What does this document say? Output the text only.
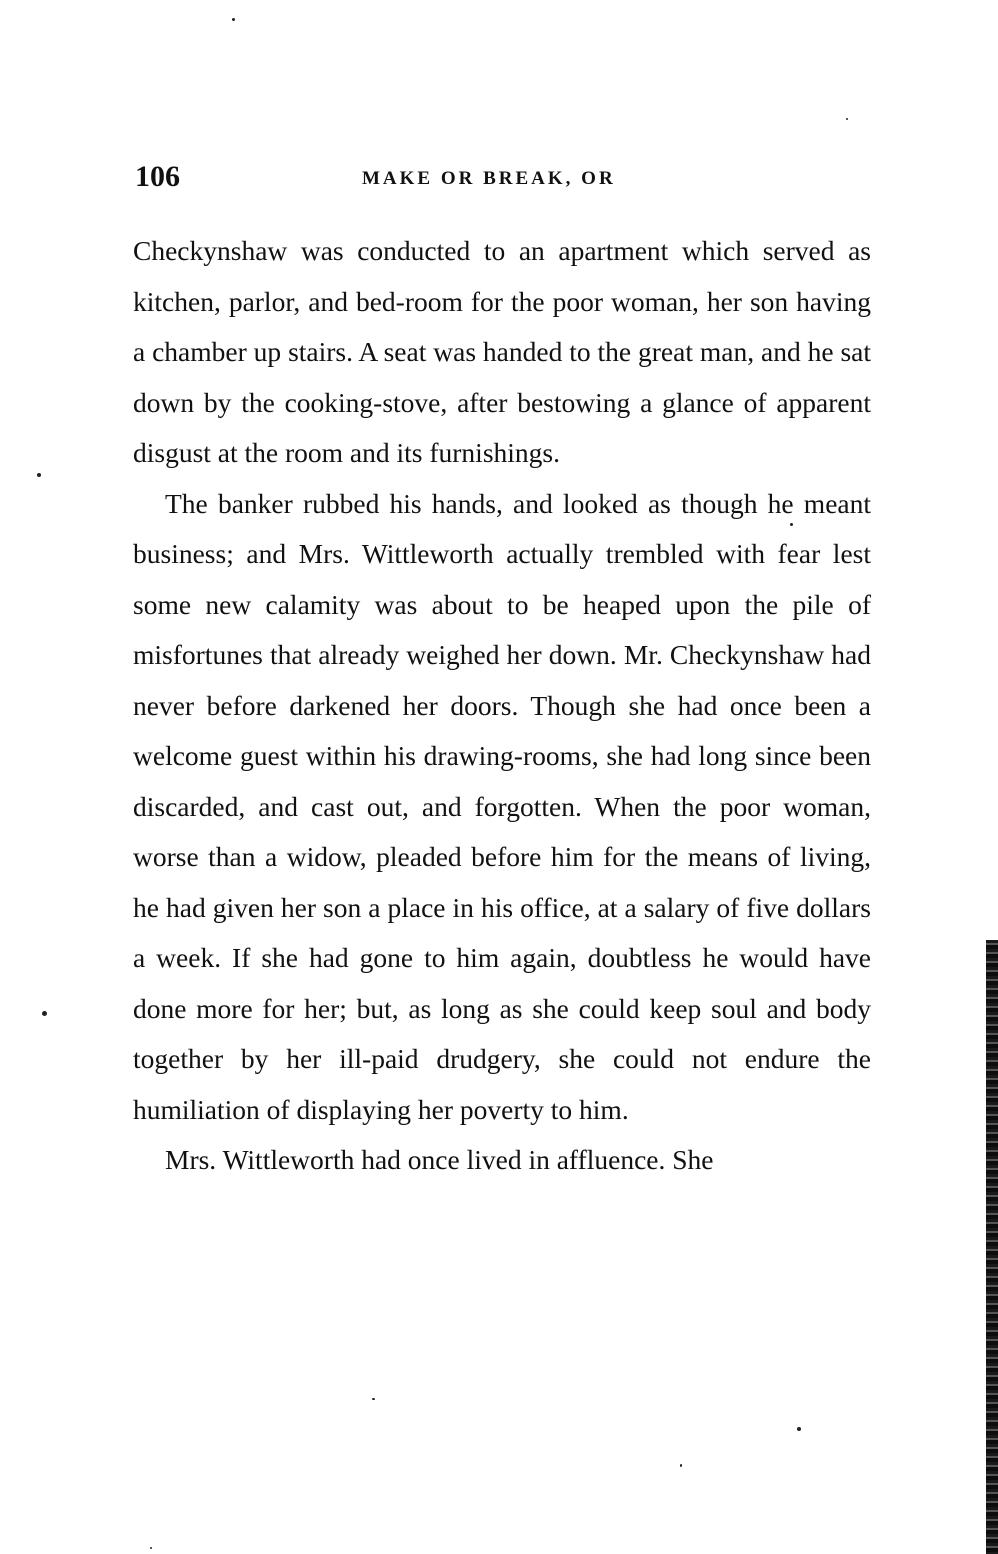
106	MAKE OR BREAK, OR

Checkynshaw was conducted to an apartment which served as kitchen, parlor, and bed-room for the poor woman, her son having a chamber up stairs. A seat was handed to the great man, and he sat down by the cooking-stove, after bestowing a glance of apparent disgust at the room and its furnishings.

The banker rubbed his hands, and looked as though he meant business; and Mrs. Wittleworth actually trembled with fear lest some new calamity was about to be heaped upon the pile of misfortunes that already weighed her down. Mr. Checkynshaw had never before darkened her doors. Though she had once been a welcome guest within his drawing-rooms, she had long since been discarded, and cast out, and forgotten. When the poor woman, worse than a widow, pleaded before him for the means of living, he had given her son a place in his office, at a salary of five dollars a week. If she had gone to him again, doubtless he would have done more for her; but, as long as she could keep soul and body together by her ill-paid drudgery, she could not endure the humiliation of displaying her poverty to him.

Mrs. Wittleworth had once lived in affluence. She
